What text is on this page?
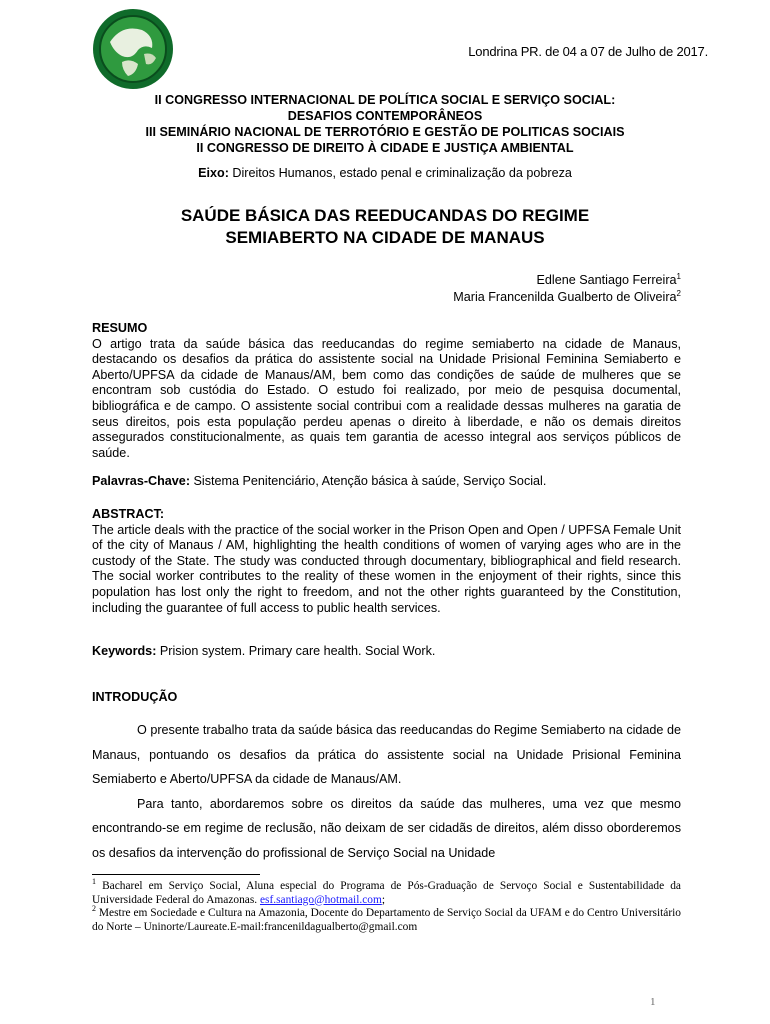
Londrina PR. de 04 a 07 de Julho de 2017.
II CONGRESSO INTERNACIONAL DE POLÍTICA SOCIAL E SERVIÇO SOCIAL:
DESAFIOS CONTEMPORÂNEOS
III SEMINÁRIO NACIONAL DE TERROTÓRIO E GESTÃO DE POLITICAS SOCIAIS
II CONGRESSO DE DIREITO À CIDADE E JUSTIÇA AMBIENTAL
Eixo: Direitos Humanos, estado penal e criminalização da pobreza
SAÚDE BÁSICA DAS REEDUCANDAS DO REGIME
SEMIABERTO NA CIDADE DE MANAUS
Edlene Santiago Ferreira$^1$
Maria Francenilda Gualberto de Oliveira$^2$
RESUMO
O artigo trata da saúde básica das reeducandas do regime semiaberto na cidade de Manaus, destacando os desafios da prática do assistente social na Unidade Prisional Feminina Semiaberto e Aberto/UPFSA da cidade de Manaus/AM, bem como das condições de saúde de mulheres que se encontram sob custódia do Estado. O estudo foi realizado, por meio de pesquisa documental, bibliográfica e de campo. O assistente social contribui com a realidade dessas mulheres na garatia de seus direitos, pois esta população perdeu apenas o direito à liberdade, e não os demais direitos assegurados constitucionalmente, as quais tem garantia de acesso integral aos serviços públicos de saúde.
Palavras-Chave: Sistema Penitenciário, Atenção básica à saúde, Serviço Social.
ABSTRACT:
The article deals with the practice of the social worker in the Prison Open and Open / UPFSA Female Unit of the city of Manaus / AM, highlighting the health conditions of women of varying ages who are in the custody of the State. The study was conducted through documentary, bibliographical and field research. The social worker contributes to the reality of these women in the enjoyment of their rights, since this population has lost only the right to freedom, and not the other rights guaranteed by the Constitution, including the guarantee of full access to public health services.
Keywords: Prision system. Primary care health. Social Work.
INTRODUÇÃO

O presente trabalho trata da saúde básica das reeducandas do Regime Semiaberto na cidade de Manaus, pontuando os desafios da prática do assistente social na Unidade Prisional Feminina Semiaberto e Aberto/UPFSA da cidade de Manaus/AM.

Para tanto, abordaremos sobre os direitos da saúde das mulheres, uma vez que mesmo encontrando-se em regime de reclusão, não deixam de ser cidadãs de direitos, além disso oborderemos os desafios da intervenção do profissional de Serviço Social na Unidade

$^1$ Bacharel em Serviço Social, Aluna especial do Programa de Pós-Graduação de Servoço Social e Sustentabilidade da Universidade Federal do Amazonas. esf.santiago@hotmail.com;

$^2$ Mestre em Sociedade e Cultura na Amazonia, Docente do Departamento de Serviço Social da UFAM e do Centro Universitário do Norte – Uninorte/Laureate.E-mail:francenildagualberto@gmail.com

1
